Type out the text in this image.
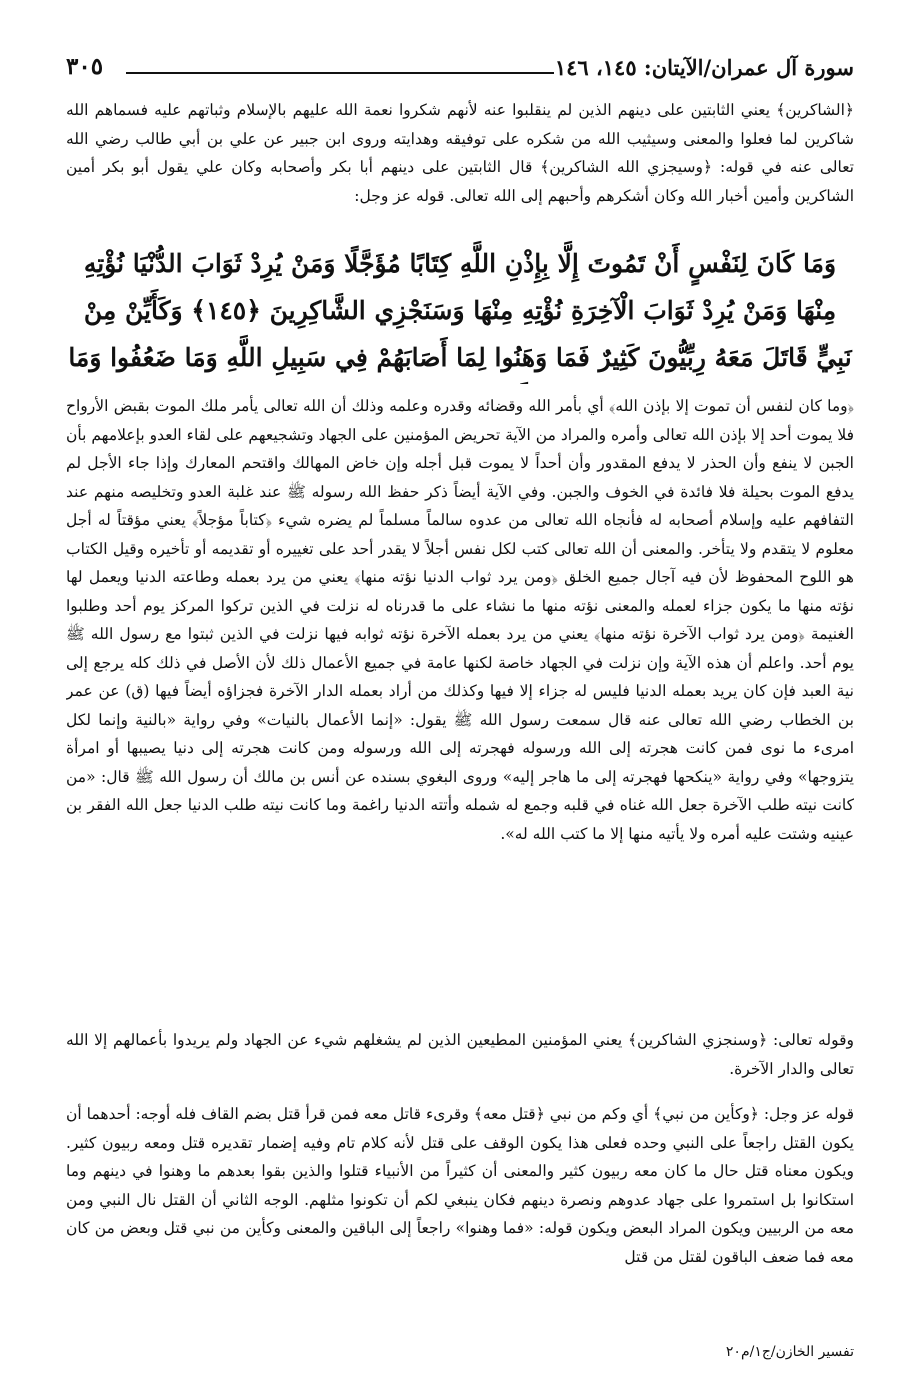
سورة آل عمران/الآيتان: ١٤٥، ١٤٦
٣٠٥

﴿الشاكرين﴾ يعني الثابتين على دينهم الذين لم ينقلبوا عنه لأنهم شكروا نعمة الله عليهم بالإسلام وثباتهم عليه فسماهم الله شاكرين لما فعلوا والمعنى وسيثيب الله من شكره على توفيقه وهدايته وروى ابن جبير عن علي بن أبي طالب رضي الله تعالى عنه في قوله: ﴿وسيجزي الله الشاكرين﴾ قال الثابتين على دينهم أبا بكر وأصحابه وكان علي يقول أبو بكر أمين الشاكرين وأمين أخبار الله وكان أشكرهم وأحبهم إلى الله تعالى. قوله عز وجل:

وَمَا كَانَ لِنَفْسٍ أَنْ تَمُوتَ إِلَّا بِإِذْنِ اللَّهِ كِتَابًا مُؤَجَّلًا وَمَنْ يُرِدْ ثَوَابَ الدُّنْيَا نُؤْتِهِ مِنْهَا وَمَنْ يُرِدْ ثَوَابَ الْآخِرَةِ نُؤْتِهِ مِنْهَا وَسَنَجْزِي الشَّاكِرِينَ ﴿١٤٥﴾ وَكَأَيِّنْ مِنْ نَبِيٍّ قَاتَلَ مَعَهُ رِبِّيُّونَ كَثِيرٌ فَمَا وَهَنُوا لِمَا أَصَابَهُمْ فِي سَبِيلِ اللَّهِ وَمَا ضَعُفُوا وَمَا

﴿وما كان لنفس أن تموت إلا بإذن الله﴾ أي بأمر الله وقضائه وقدره وعلمه وذلك أن الله تعالى يأمر ملك الموت بقبض الأرواح فلا يموت أحد إلا بإذن الله تعالى وأمره والمراد من الآية تحريض المؤمنين على الجهاد وتشجيعهم على لقاء العدو بإعلامهم بأن الجبن لا ينفع وأن الحذر لا يدفع المقدور وأن أحداً لا يموت قبل أجله وإن خاض المهالك واقتحم المعارك وإذا جاء الأجل لم يدفع الموت بحيلة فلا فائدة في الخوف والجبن. وفي الآية أيضاً ذكر حفظ الله رسوله ﷺ عند غلبة العدو وتخليصه منهم عند التفافهم عليه وإسلام أصحابه له فأنجاه الله تعالى من عدوه سالماً مسلماً لم يضره شيء ﴿كتاباً مؤجلاً﴾ يعني مؤقتاً له أجل معلوم لا يتقدم ولا يتأخر. والمعنى أن الله تعالى كتب لكل نفس أجلاً لا يقدر أحد على تغييره أو تقديمه أو تأخيره وقيل الكتاب هو اللوح المحفوظ لأن فيه آجال جميع الخلق ﴿ومن يرد ثواب الدنيا نؤته منها﴾ يعني من يرد بعمله وطاعته الدنيا ويعمل لها نؤته منها ما يكون جزاء لعمله والمعنى نؤته منها ما نشاء على ما قدرناه له نزلت في الذين تركوا المركز يوم أحد وطلبوا الغنيمة ﴿ومن يرد ثواب الآخرة نؤته منها﴾ يعني من يرد بعمله الآخرة نؤته ثوابه فيها نزلت في الذين ثبتوا مع رسول الله ﷺ يوم أحد. واعلم أن هذه الآية وإن نزلت في الجهاد خاصة لكنها عامة في جميع الأعمال ذلك لأن الأصل في ذلك كله يرجع إلى نية العبد فإن كان يريد بعمله الدنيا فليس له جزاء إلا فيها وكذلك من أراد بعمله الدار الآخرة فجزاؤه أيضاً فيها (ق) عن عمر بن الخطاب رضي الله تعالى عنه قال سمعت رسول الله ﷺ يقول: «إنما الأعمال بالنيات» وفي رواية «بالنية وإنما لكل امرىء ما نوى فمن كانت هجرته إلى الله ورسوله فهجرته إلى الله ورسوله ومن كانت هجرته إلى دنيا يصيبها أو امرأة يتزوجها» وفي رواية «ينكحها فهجرته إلى ما هاجر إليه» وروى البغوي بسنده عن أنس بن مالك أن رسول الله ﷺ قال: «من كانت نيته طلب الآخرة جعل الله غناه في قلبه وجمع له شمله وأتته الدنيا راغمة وما كانت نيته طلب الدنيا جعل الله الفقر بن عينيه وشتت عليه أمره ولا يأتيه منها إلا ما كتب الله له».

وقوله تعالى: ﴿وسنجزي الشاكرين﴾ يعني المؤمنين المطيعين الذين لم يشغلهم شيء عن الجهاد ولم يريدوا بأعمالهم إلا الله تعالى والدار الآخرة.

قوله عز وجل: ﴿وكأين من نبي﴾ أي وكم من نبي ﴿قتل معه﴾ وقرىء قاتل معه فمن قرأ قتل بضم القاف فله أوجه: أحدهما أن يكون القتل راجعاً على النبي وحده فعلى هذا يكون الوقف على قتل لأنه كلام تام وفيه إضمار تقديره قتل ومعه ربيون كثير. ويكون معناه قتل حال ما كان معه ربيون كثير والمعنى أن كثيراً من الأنبياء قتلوا والذين بقوا بعدهم ما وهنوا في دينهم وما استكانوا بل استمروا على جهاد عدوهم ونصرة دينهم فكان ينبغي لكم أن تكونوا مثلهم. الوجه الثاني أن القتل نال النبي ومن معه من الربيين ويكون المراد البعض ويكون قوله: «فما وهنوا» راجعاً إلى الباقين والمعنى وكأين من نبي قتل وبعض من كان معه فما ضعف الباقون لقتل من قتل

تفسير الخازن/ج١/م٢٠
